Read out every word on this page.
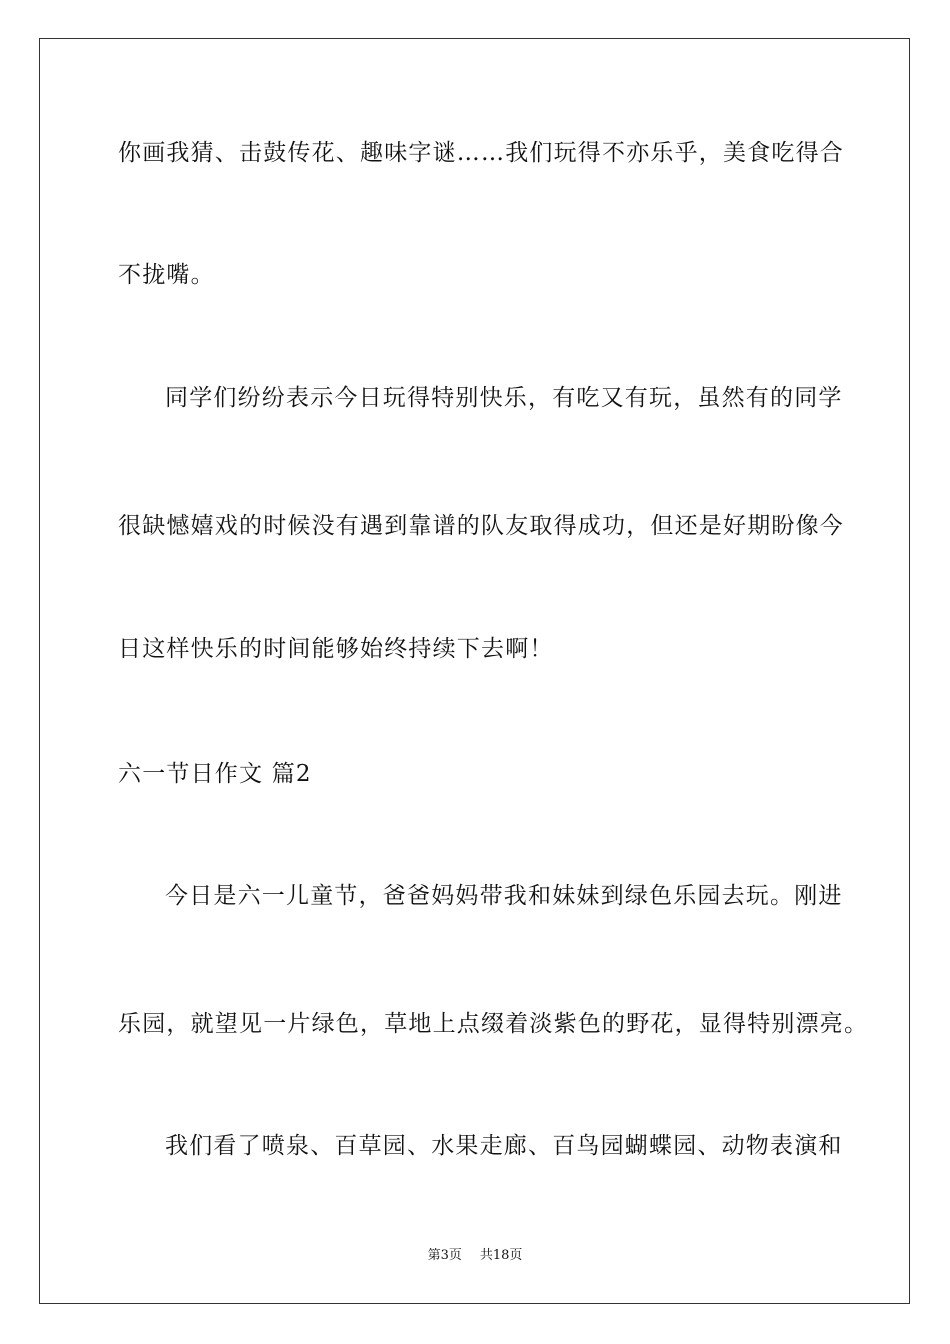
你画我猜、击鼓传花、趣味字谜……我们玩得不亦乐乎，美食吃得合
不拢嘴。
同学们纷纷表示今日玩得特别快乐，有吃又有玩，虽然有的同学
很缺憾嬉戏的时候没有遇到靠谱的队友取得成功，但还是好期盼像今
日这样快乐的时间能够始终持续下去啊！
六一节日作文 篇2
今日是六一儿童节，爸爸妈妈带我和妹妹到绿色乐园去玩。刚进
乐园，就望见一片绿色，草地上点缀着淡紫色的野花，显得特别漂亮。
我们看了喷泉、百草园、水果走廊、百鸟园蝴蝶园、动物表演和
第3页 共18页
